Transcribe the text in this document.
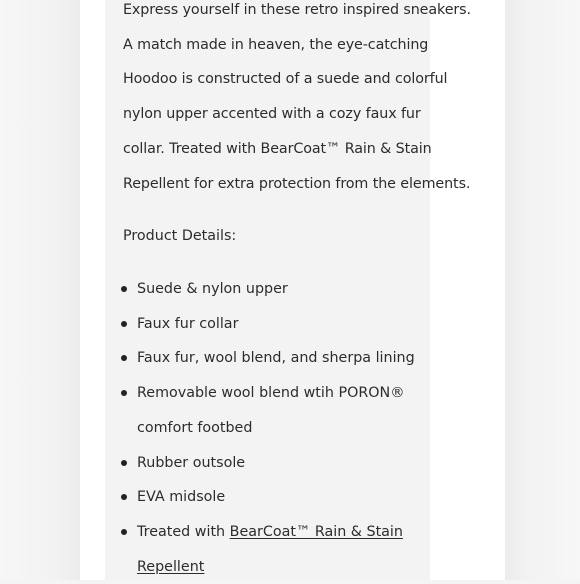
Express yourself in these retro inspired sneakers.
A match made in heaven, the eye-catching
Hoodoo is constructed of a suede and colorful
nylon upper accented with a cozy faux fur
collar. Treated with BearCoat™ Rain & Stain
Repellent for extra protection from the elements.

Product Details:

Suede & nylon upper
Faux fur collar
Faux fur, wool blend, and sherpa lining
Removable wool blend wtih PORON®
comfort footbed
Rubber outsole
EVA midsole
Treated with BearCoat™ Rain & Stain
Repellent
